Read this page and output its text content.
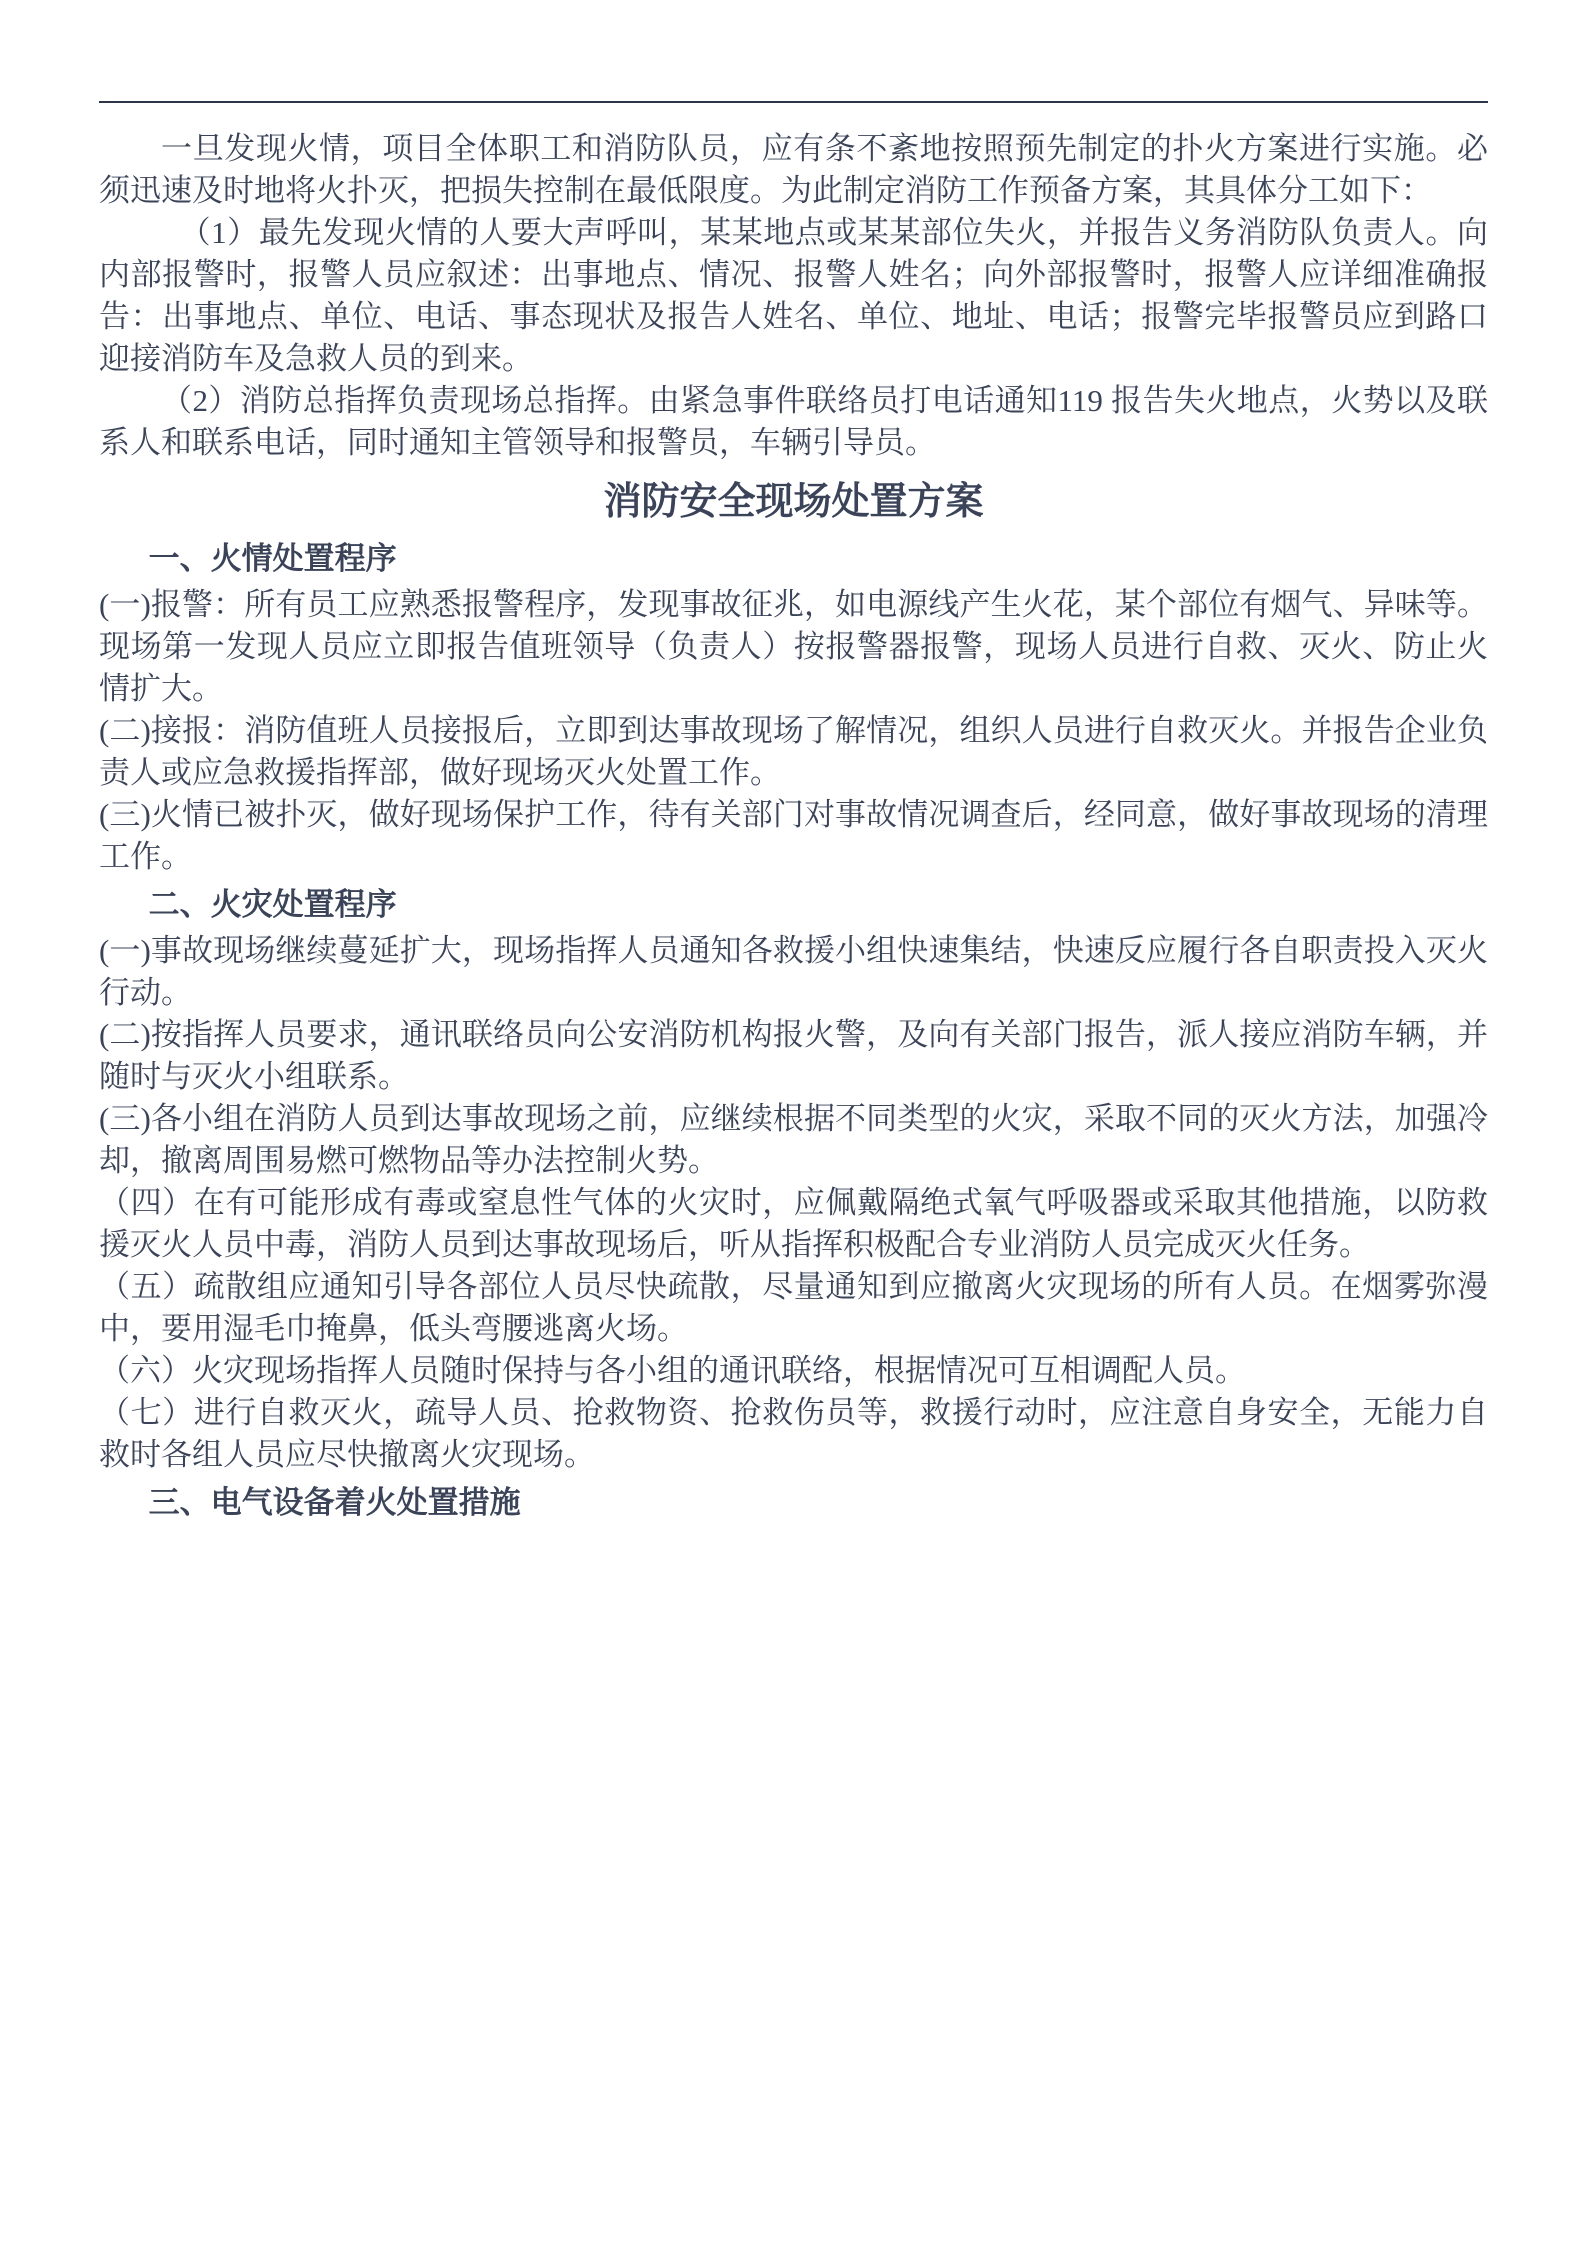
一旦发现火情，项目全体职工和消防队员，应有条不紊地按照预先制定的扑火方案进行实施。必须迅速及时地将火扑灭，把损失控制在最低限度。为此制定消防工作预备方案，其具体分工如下：

（1）最先发现火情的人要大声呼叫，某某地点或某某部位失火，并报告义务消防队负责人。向内部报警时，报警人员应叙述：出事地点、情况、报警人姓名；向外部报警时，报警人应详细准确报告：出事地点、单位、电话、事态现状及报告人姓名、单位、地址、电话；报警完毕报警员应到路口迎接消防车及急救人员的到来。

（2）消防总指挥负责现场总指挥。由紧急事件联络员打电话通知119 报告失火地点，火势以及联系人和联系电话，同时通知主管领导和报警员，车辆引导员。

消防安全现场处置方案
一、火情处置程序

(一)报警：所有员工应熟悉报警程序，发现事故征兆，如电源线产生火花，某个部位有烟气、异味等。现场第一发现人员应立即报告值班领导（负责人）按报警器报警，现场人员进行自救、灭火、防止火情扩大。

(二)接报：消防值班人员接报后，立即到达事故现场了解情况，组织人员进行自救灭火。并报告企业负责人或应急救援指挥部，做好现场灭火处置工作。

(三)火情已被扑灭，做好现场保护工作，待有关部门对事故情况调查后，经同意，做好事故现场的清理工作。

二、火灾处置程序

(一)事故现场继续蔓延扩大，现场指挥人员通知各救援小组快速集结，快速反应履行各自职责投入灭火行动。

(二)按指挥人员要求，通讯联络员向公安消防机构报火警，及向有关部门报告，派人接应消防车辆，并随时与灭火小组联系。

(三)各小组在消防人员到达事故现场之前，应继续根据不同类型的火灾，采取不同的灭火方法，加强冷却，撤离周围易燃可燃物品等办法控制火势。

（四）在有可能形成有毒或窒息性气体的火灾时，应佩戴隔绝式氧气呼吸器或采取其他措施，以防救援灭火人员中毒，消防人员到达事故现场后，听从指挥积极配合专业消防人员完成灭火任务。

（五）疏散组应通知引导各部位人员尽快疏散，尽量通知到应撤离火灾现场的所有人员。在烟雾弥漫中，要用湿毛巾掩鼻，低头弯腰逃离火场。

（六）火灾现场指挥人员随时保持与各小组的通讯联络，根据情况可互相调配人员。

（七）进行自救灭火，疏导人员、抢救物资、抢救伤员等，救援行动时，应注意自身安全，无能力自救时各组人员应尽快撤离火灾现场。

三、电气设备着火处置措施
